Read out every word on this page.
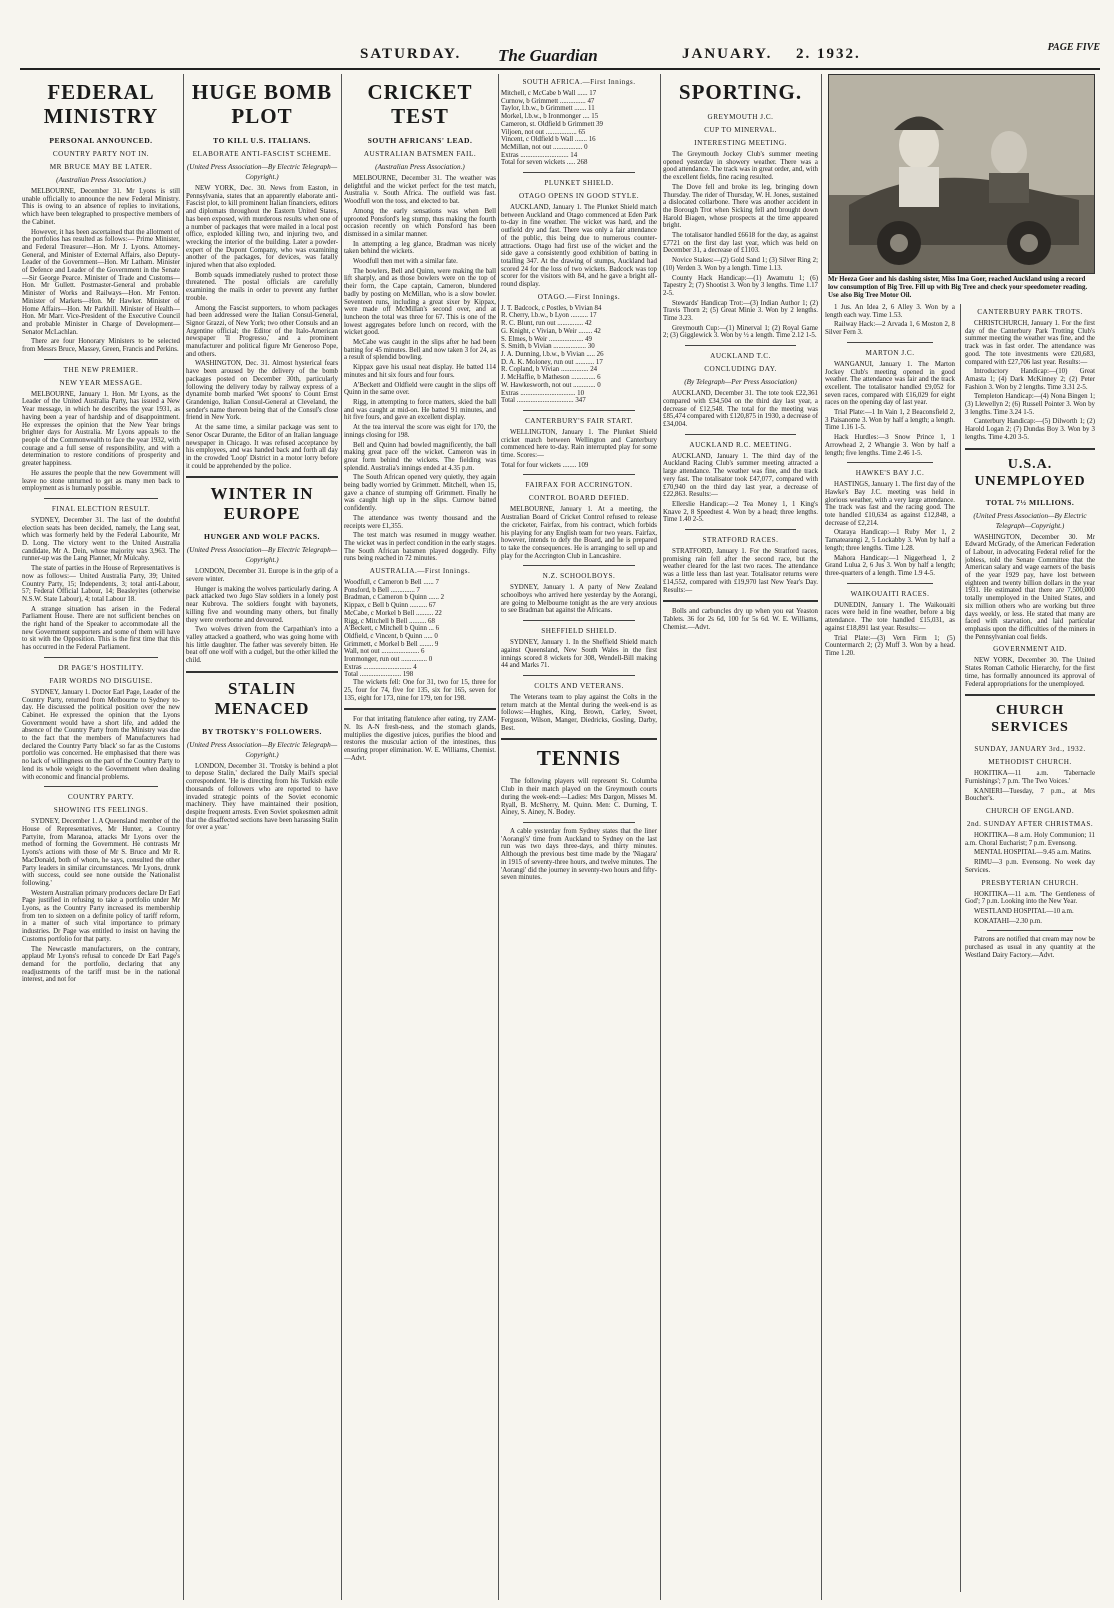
SATURDAY. The Guardian	JANUARY. 2. 1932.	PAGE FIVE
FEDERAL MINISTRY
PERSONAL ANNOUNCED.
COUNTRY PARTY NOT IN.
MR BRUCE MAY BE LATER.
(Australian Press Association.)

MELBOURNE, December 31. Mr Lyons is still unable officially to announce the new Federal Ministry. This is owing to an absence of replies to invitations, which have been telegraphed to prospective members of the Cabinet.

However, it has been ascertained that the allotment of the portfolios has resulted as follows:— Prime Minister, and Federal Treasurer—Hon. Mr J. Lyons. Attorney-General, and Minister of External Affairs, also Deputy-Leader of the Government—Hon. Mr Latham. Minister of Defence and Leader of the Government in the Senate—Sir George Pearce. Minister of Trade and Customs—Hon. Mr Gullett. Postmaster-General and probable Minister of Works and Railways—Hon. Mr Fenton. Minister of Markets—Hon. Mr Hawker. Minister of Home Affairs—Hon. Mr Parkhill. Minister of Health—Hon. Mr Marr. Vice-President of the Executive Council and probable Minister in Charge of Development—Senator McLachlan.

There are four Honorary Ministers to be selected from Messrs Bruce, Massey, Green, Francis and Perkins.

THE NEW PREMIER.
NEW YEAR MESSAGE.

MELBOURNE, January 1. Hon. Mr Lyons, as the Leader of the United Australia Party, has issued a New Year message, in which he describes the year 1931, as having been a year of hardship and of disappointment. He expresses the opinion that the New Year brings brighter days for Australia. Mr Lyons appeals to the people of the Commonwealth to face the year 1932, with courage and a full sense of responsibility, and with a determination to restore conditions of prosperity and greater happiness.

He assures the people that the new Government will leave no stone unturned to get as many men back to employment as is humanly possible.

FINAL ELECTION RESULT.

SYDNEY, December 31. The last of the doubtful election seats has been decided, namely, the Lang seat, which was formerly held by the Federal Labourite, Mr D. Long. The victory went to the United Australia candidate, Mr A. Dein, whose majority was 3,963. The runner-up was the Lang Planner, Mr Mulcahy.

The state of parties in the House of Representatives is now as follows:— United Australia Party, 39; United Country Party, 15; Independents, 3; total anti-Labour, 57; Federal Official Labour, 14; Beasleyites (otherwise N.S.W. State Labour), 4; total Labour 18.

A strange situation has arisen in the Federal Parliament House. There are not sufficient benches on the right hand of the Speaker to accommodate all the new Government supporters and some of them will have to sit with the Opposition. This is the first time that this has occurred in the Federal Parliament.

DR PAGE'S HOSTILITY.
FAIR WORDS NO DISGUISE.

SYDNEY, January 1. Doctor Earl Page, Leader of the Country Party, returned from Melbourne to Sydney to-day. He discussed the political position over the new Cabinet. He expressed the opinion that the Lyons Government would have a short life, and added the absence of the Country Party from the Ministry was due to the fact that the members of Manufacturers had declared the Country Party 'black' so far as the Customs portfolio was concerned. He emphasised that there was no lack of willingness on the part of the Country Party to lend its whole weight to the Government when dealing with economic and financial problems.

COUNTRY PARTY.
SHOWING ITS FEELINGS.

SYDNEY, December 1. A Queensland member of the House of Representatives, Mr Hunter, a Country Partyite, from Maranoa, attacks Mr Lyons over the method of forming the Government. He contrasts Mr Lyons's actions with those of Mr S. Bruce and Mr R. MacDonald, both of whom, he says, consulted the other Party leaders in similar circumstances. 'Mr Lyons, drunk with success, could see none outside the Nationalist following.'

Western Australian primary producers declare Dr Earl Page justified in refusing to take a portfolio under Mr Lyons, as the Country Party increased its membership from ten to sixteen on a definite policy of tariff reform, in a matter of such vital importance to primary industries. Dr Page was entitled to insist on having the Customs portfolio for that party.

The Newcastle manufacturers, on the contrary, applaud Mr Lyons's refusal to concede Dr Earl Page's demand for the portfolio, declaring that any readjustments of the tariff must be in the national interest, and not for

HUGE BOMB PLOT
TO KILL U.S. ITALIANS.
ELABORATE ANTI-FASCIST SCHEME.
(United Press Association—By Electric Telegraph—Copyright.)

NEW YORK, Dec. 30. News from Easton, in Pennsylvania, states that an apparently elaborate anti-Fascist plot, to kill prominent Italian financiers, editors and diplomats throughout the Eastern United States, has been exposed, with murderous results when one of a number of packages that were mailed in a local post office, exploded killing two, and injuring two, and wrecking the interior of the building. Later a powder-expert of the Dupont Company, who was examining another of the packages, for devices, was fatally injured when that also exploded.

Bomb squads immediately rushed to protect those threatened. The postal officials are carefully examining the mails in order to prevent any further trouble.

Among the Fascist supporters, to whom packages had been addressed were the Italian Consul-General, Signor Grazzi, of New York; two other Consuls and an Argentine official; the Editor of the Italo-American newspaper 'Il Progresso,' and a prominent manufacturer and political figure Mr Generoso Pope, and others.

WASHINGTON, Dec. 31. Almost hysterical fears have been aroused by the delivery of the bomb packages posted on December 30th, particularly following the delivery today by railway express of a dynamite bomb marked 'Wet spoons' to Count Ernst Grandenigo, Italian Consul-General at Cleveland, the sender's name thereon being that of the Consul's close friend in New York.

At the same time, a similar package was sent to Senor Oscar Durante, the Editor of an Italian language newspaper in Chicago. It was refused acceptance by his employees, and was handed back and forth all day in the crowded 'Loop' District in a motor lorry before it could be apprehended by the police.

WINTER IN EUROPE
HUNGER AND WOLF PACKS.
(United Press Association—By Electric Telegraph—Copyright.)

LONDON, December 31. Europe is in the grip of a severe winter.

Hunger is making the wolves particularly daring. A pack attacked two Jugo Slav soldiers in a lonely post near Kubrova. The soldiers fought with bayonets, killing five and wounding many others, but finally they were overborne and devoured.

Two wolves driven from the Carpathian's into a valley attacked a goatherd, who was going home with his little daughter. The father was severely bitten. He beat off one wolf with a cudgel, but the other killed the child.

STALIN MENACED
BY TROTSKY'S FOLLOWERS.
(United Press Association—By Electric Telegraph—Copyright.)

LONDON, December 31. 'Trotsky is behind a plot to depose Stalin,' declared the Daily Mail's special correspondent. 'He is directing from his Turkish exile thousands of followers who are reported to have invaded strategic points of the Soviet economic machinery. They have maintained their position, despite frequent arrests. Even Soviet spokesmen admit that the disaffected sections have been harassing Stalin for over a year.'

CRICKET TEST
SOUTH AFRICANS' LEAD.
AUSTRALIAN BATSMEN FAIL.
(Australian Press Association.)

MELBOURNE, December 31. The weather was delightful and the wicket perfect for the test match, Australia v. South Africa. The outfield was fast. Woodfull won the toss, and elected to bat.

Among the early sensations was when Bell uprooted Ponsford's leg stump, thus making the fourth occasion recently on which Ponsford has been dismissed in a similar manner.

In attempting a leg glance, Bradman was nicely taken behind the wickets.

Woodfull then met with a similar fate.

The bowlers, Bell and Quinn, were making the ball lift sharply, and as those bowlers were on the top of their form, the Cape captain, Cameron, blundered badly by posting on McMillan, who is a slow bowler. Seventeen runs, including a great sixer by Kippax, were made off McMillan's second over, and at luncheon the total was three for 67. This is one of the lowest aggregates before lunch on record, with the wicket good.

McCabe was caught in the slips after he had been batting for 45 minutes. Bell and now taken 3 for 24, as a result of splendid bowling.

Kippax gave his usual neat display. He batted 114 minutes and hit six fours and four fours.

A'Beckett and Oldfield were caught in the slips off Quinn in the same over.

Rigg, in attempting to force matters, skied the ball and was caught at mid-on. He batted 91 minutes, and hit five fours, and gave an excellent display.

At the tea interval the score was eight for 170, the innings closing for 198.

Bell and Quinn had bowled magnificently, the ball making great pace off the wicket. Cameron was in great form behind the wickets. The fielding was splendid. Australia's innings ended at 4.35 p.m.

The South African opened very quietly, they again being badly worried by Grimmett. Mitchell, when 15, gave a chance of stumping off Grimmett. Finally he was caught high up in the slips. Curnow batted confidently.

The attendance was twenty thousand and the receipts were £1,355.

The test match was resumed in muggy weather. The wicket was in perfect condition in the early stages. The South African batsmen played doggedly. Fifty runs being reached in 72 minutes.

AUSTRALIA.—First Innings.
Woodfull, c Cameron b Bell ...... 7
Ponsford, b Bell .............. 7
Bradman, c Cameron b Quinn ...... 2
Kippax, c Bell b Quinn .......... 67
McCabe, c Morkel b Bell .......... 22
Rigg, c Mitchell b Bell .......... 68
A'Beckett, c Mitchell b Quinn ... 6
Oldfield, c Vincent, b Quinn ..... 0
Grimmett, c Morkel b Bell ........ 9
Wall, not out ...................... 6
Ironmonger, run out ............... 0
Extras ............................ 4
Total ........................ 198

The wickets fell: One for 31, two for 15, three for 25, four for 74, five for 135, six for 165, seven for 135, eight for 173, nine for 179, ten for 198.

For that irritating flatulence after eating, try ZAM-N. Its A-N fresh-ness, and the stomach glands, multiplies the digestive juices, purifies the blood and restores the muscular action of the intestines, thus ensuring proper elimination. W. E. Williams, Chemist.—Advt.

SOUTH AFRICA.—First Innings.
Mitchell, c McCabe b Wall ...... 17
Curnow, b Grimmett ............... 47
Taylor, l.b.w., b Grimmett ....... 11
Morkel, l.b.w., b Ironmonger .... 15
Cameron, st. Oldfield b Grimmett 39
Viljoen, not out .................. 65
Vincent, c Oldfield b Wall ....... 16
McMillan, not out ................. 0
Extras ............................ 14
Total for seven wickets ..... 268
PLUNKET SHIELD.
OTAGO OPENS IN GOOD STYLE.

AUCKLAND, January 1. The Plunket Shield match between Auckland and Otago commenced at Eden Park to-day in fine weather. The wicket was hard, and the outfield dry and fast. There was only a fair attendance of the public, this being due to numerous counter-attractions. Otago had first use of the wicket and the side gave a consistently good exhibition of batting in totalling 347. At the drawing of stumps, Auckland had scored 24 for the loss of two wickets. Badcock was top scorer for the visitors with 84, and he gave a bright all-round display.

OTAGO.—First Innings.
J. T. Badcock, c Postles, b Vivian 84
R. Cherry, l.b.w., b Lyon .......... 17
R. C. Blunt, run out ............... 42
G. Knight, c Vivian, b Weir ........ 42
S. Elmes, b Weir .................... 49
S. Smith, b Vivian ................... 30
J. A. Dunning, l.b.w., b Vivian ..... 26
D. A. K. Moloney, run out ........... 17
R. Copland, b Vivian ................ 24
J. McHaffie, b Matheson .............. 6
W. Hawkesworth, not out ............. 0
Extras ................................ 10
Total ................................. 347
CANTERBURY'S FAIR START.

WELLINGTON, January 1. The Plunket Shield cricket match between Wellington and Canterbury commenced here to-day. Rain interrupted play for some time. Scores:—

Total for four wickets ........ 109
FAIRFAX FOR ACCRINGTON.
CONTROL BOARD DEFIED.

MELBOURNE, January 1. At a meeting, the Australian Board of Cricket Control refused to release the cricketer, Fairfax, from his contract, which forbids his playing for any English team for two years. Fairfax, however, intends to defy the Board, and he is prepared to take the consequences. He is arranging to sell up and play for the Accrington Club in Lancashire.

N.Z. SCHOOLBOYS.

SYDNEY, January 1. A party of New Zealand schoolboys who arrived here yesterday by the Aorangi, are going to Melbourne tonight as the are very anxious to see Bradman bat against the Africans.

SHEFFIELD SHIELD.

SYDNEY, January 1. In the Sheffield Shield match against Queensland, New South Wales in the first innings scored 8 wickets for 308, Wendell-Bill making 44 and Marks 71.

COLTS AND VETERANS.

The Veterans team to play against the Colts in the return match at the Mental during the week-end is as follows:—Hughes, King, Brown, Carley, Sweet, Ferguson, Wilson, Manger, Diedricks, Gosling, Darby, Best.

TENNIS

The following players will represent St. Columba Club in their match played on the Greymouth courts during the week-end:—Ladies: Mrs Dargon, Misses M. Ryall, B. McSherry, M. Quinn. Men: C. Durning, T. Ainey, S. Ainey, N. Bodey.

A cable yesterday from Sydney states that the liner 'Aorangi's' time from Auckland to Sydney on the last run was two days three-days, and thirty minutes. Although the previous best time made by the 'Niagara' in 1915 of seventy-three hours, and twelve minutes. The 'Aorangi' did the journey in seventy-two hours and fifty-seven minutes.

SPORTING.
GREYMOUTH J.C.
CUP TO MINERVAL.
INTERESTING MEETING.

The Greymouth Jockey Club's summer meeting opened yesterday in showery weather. There was a good attendance. The track was in great order, and, with the excellent fields, fine racing resulted.

The Dove fell and broke its leg, bringing down Thursday. The rider of Thursday, W. H. Jones, sustained a dislocated collarbone. There was another accident in the Borough Trot when Sicking fell and brought down Harold Biagen, whose prospects at the time appeared bright.

The totalisator handled £6618 for the day, as against £7721 on the first day last year, which was held on December 31, a decrease of £1103.

Novice Stakes:—(2) Gold Sand 1; (3) Silver Ring 2; (10) Verden 3. Won by a length. Time 1.13.

County Hack Handicap:—(1) Awamutu 1; (6) Tapestry 2; (7) Shootist 3. Won by 3 lengths. Time 1.17 2-5.

Stewards' Handicap Trot:—(3) Indian Author 1; (2) Travis Thorn 2; (5) Great Minie 3. Won by 2 lengths. Time 3.23.

Greymouth Cup:—(1) Minerval 1; (2) Royal Game 2; (3) Gigglewick 3. Won by ½ a length. Time 2.12 1-5.

AUCKLAND T.C.
CONCLUDING DAY.
(By Telegraph—Per Press Association)

AUCKLAND, December 31. The tote took £22,361 compared with £34,504 on the third day last year, a decrease of £12,548. The total for the meeting was £85,474 compared with £120,875 in 1930, a decrease of £34,004.

AUCKLAND R.C. MEETING.

AUCKLAND, January 1. The third day of the Auckland Racing Club's summer meeting attracted a large attendance. The weather was fine, and the track very fast. The totalisator took £47,077, compared with £70,940 on the third day last year, a decrease of £22,863. Results:—

Ellerslie Handicap:—2 Tea Money 1, 1 King's Knave 2, 8 Speedtest 4. Won by a head; three lengths. Time 1.40 2-5.

STRATFORD RACES.

STRATFORD, January 1. For the Stratford races, promising rain fell after the second race, but the weather cleared for the last two races. The attendance was a little less than last year. Totalisator returns were £14,552, compared with £19,970 last New Year's Day. Results:—

Bolls and carbuncles dry up when you eat Yeaston Tablets. 36 for 2s 6d, 100 for 5s 6d. W. E. Williams, Chemist.—Advt.

Mr Heeza Goer and his dashing sister, Miss Ima Goer, reached Auckland using a record low consumption of Big Tree. Fill up with Big Tree and check your speedometer reading. Use also Big Tree Motor Oil.

1 Jus. An Idea 2, 6 Alley 3. Won by a length each way. Time 1.53.

Railway Hack:—2 Arvada 1, 6 Moston 2, 8 Silver Fern 3.

MARTON J.C.

WANGANUI, January 1. The Marton Jockey Club's meeting opened in good weather. The attendance was fair and the track excellent. The totalisator handled £9,052 for seven races, compared with £16,029 for eight races on the opening day of last year.

Trial Plate:—1 In Vain 1, 2 Beaconsfield 2, 3 Paisanome 3. Won by half a length; a length. Time 1.16 1-5.

Hack Hurdles:—3 Snow Prince 1, 1 Arrowhead 2, 2 Whangie 3. Won by half a length; five lengths. Time 2.46 1-5.

HAWKE'S BAY J.C.

HASTINGS, January 1. The first day of the Hawke's Bay J.C. meeting was held in glorious weather, with a very large attendance. The track was fast and the racing good. The tote handled £10,634 as against £12,848, a decrease of £2,214.

Otaraya Handicap:—1 Ruby Mer 1, 2 Tamatearangi 2, 5 Lockabby 3. Won by half a length; three lengths. Time 1.28.

Mahora Handicap:—1 Niggerhead 1, 2 Grand Lulua 2, 6 Jus 3. Won by half a length; three-quarters of a length. Time 1.9 4-5.

WAIKOUAITI RACES.

DUNEDIN, January 1. The Waikouaiti races were held in fine weather, before a big attendance. The tote handled £15,031, as against £18,891 last year. Results:—

Trial Plate:—(3) Vern Firm 1; (5) Countermarch 2; (2) Muff 3. Won by a head. Time 1.20.

CANTERBURY PARK TROTS.

CHRISTCHURCH, January 1. For the first day of the Canterbury Park Trotting Club's summer meeting the weather was fine, and the track was in fast order. The attendance was good. The tote investments were £20,683, compared with £27,706 last year. Results:—

Introductory Handicap:—(10) Great Amasta 1; (4) Dark McKinney 2; (2) Peter Fashion 3. Won by 2 lengths. Time 3.31 2-5.

Templeton Handicap:—(4) Nona Bingen 1; (3) Llewellyn 2; (6) Russell Pointer 3. Won by 3 lengths. Time 3.24 1-5.

Canterbury Handicap:—(5) Dilworth 1; (2) Harold Logan 2; (7) Dundas Boy 3. Won by 3 lengths. Time 4.20 3-5.

U.S.A. UNEMPLOYED
TOTAL 7½ MILLIONS.
(United Press Association—By Electric Telegraph—Copyright.)

WASHINGTON, December 30. Mr Edward McGrady, of the American Federation of Labour, in advocating Federal relief for the jobless, told the Senate Committee that the American salary and wage earners of the basis of the year 1929 pay, have lost between eighteen and twenty billion dollars in the year 1931. He estimated that there are 7,500,000 totally unemployed in the United States, and six million others who are working but three days weekly, or less. He stated that many are faced with starvation, and laid particular emphasis upon the difficulties of the miners in the Pennsylvanian coal fields.

GOVERNMENT AID.

NEW YORK, December 30. The United States Roman Catholic Hierarchy, for the first time, has formally announced its approval of Federal appropriations for the unemployed.

CHURCH SERVICES
SUNDAY, JANUARY 3rd., 1932.
METHODIST CHURCH.

HOKITIKA—11 a.m. 'Tabernacle Furnishings'; 7 p.m. 'The Two Voices.'

KANIERI—Tuesday, 7 p.m., at Mrs Boucher's.

CHURCH OF ENGLAND.
2nd. SUNDAY AFTER CHRISTMAS.

HOKITIKA—8 a.m. Holy Communion; 11 a.m. Choral Eucharist; 7 p.m. Evensong.

MENTAL HOSPITAL—9.45 a.m. Matins.

RIMU—3 p.m. Evensong. No week day Services.

PRESBYTERIAN CHURCH.

HOKITIKA—11 a.m. 'The Gentleness of God'; 7 p.m. Looking into the New Year.

WESTLAND HOSPITAL—10 a.m.

KOKATAHI—2.30 p.m.

Patrons are notified that cream may now be purchased as usual in any quantity at the Westland Dairy Factory.—Advt.
